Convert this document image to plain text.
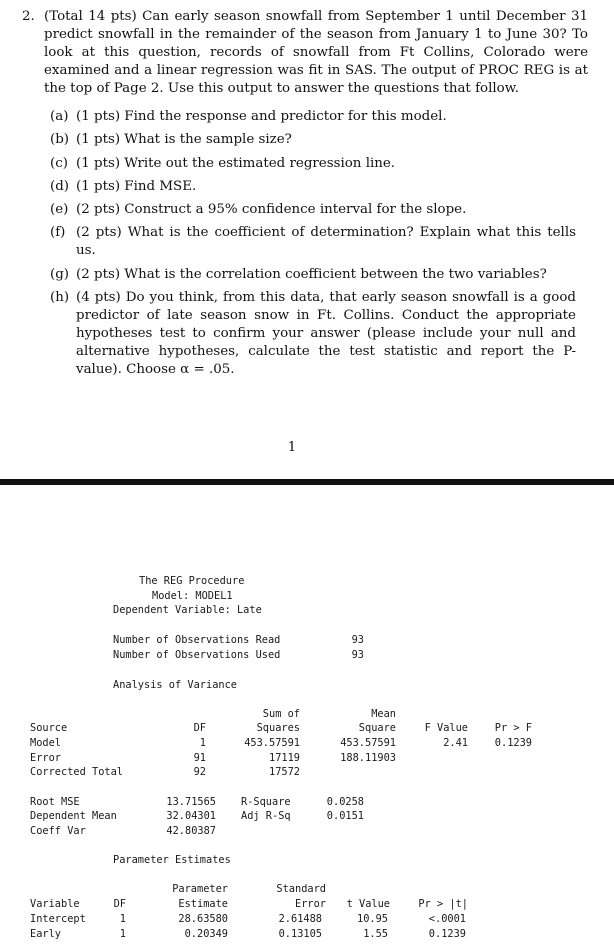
2. (Total 14 pts) Can early season snowfall from September 1 until December 31 predict snowfall in the remainder of the season from January 1 to June 30? To look at this question, records of snowfall from Ft Collins, Colorado were examined and a linear regression was fit in SAS. The output of PROC REG is at the top of Page 2. Use this output to answer the questions that follow.
(a) (1 pts) Find the response and predictor for this model.
(b) (1 pts) What is the sample size?
(c) (1 pts) Write out the estimated regression line.
(d) (1 pts) Find MSE.
(e) (2 pts) Construct a 95% confidence interval for the slope.
(f) (2 pts) What is the coefficient of determination? Explain what this tells us.
(g) (2 pts) What is the correlation coefficient between the two variables?
(h) (4 pts) Do you think, from this data, that early season snowfall is a good predictor of late season snow in Ft. Collins. Conduct the appropriate hypotheses test to confirm your answer (please include your null and alternative hypotheses, calculate the test statistic and report the P-value). Choose α = .05.
1
The REG Procedure
Model: MODEL1
Dependent Variable: Late
Number of Observations Read	93
Number of Observations Used	93
Analysis of Variance
Sum of	Mean
Source	DF	Squares	Square	F Value	Pr > F
Model	1	453.57591	453.57591	2.41	0.1239
Error	91	17119	188.11903
Corrected Total	92	17572
Root MSE	13.71565 R-Square	0.0258
Dependent Mean	32.04301 Adj R-Sq	0.0151
Coeff Var	42.80387
Parameter Estimates
Parameter	Standard
Variable	DF	Estimate	Error	t Value	Pr > |t|
Intercept	1	28.63580	2.61488	10.95	<.0001
Early	1	0.20349	0.13105	1.55	0.1239
